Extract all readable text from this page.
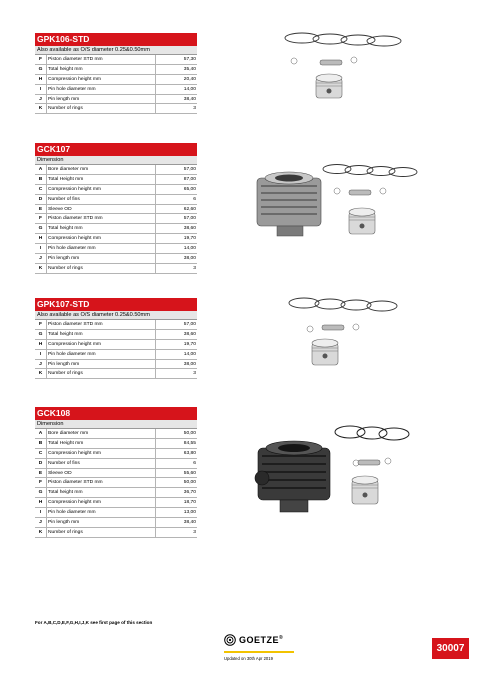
GPK106-STD
Also available as O/S diameter 0.25&0.50mm
F	Piston diameter STD mm	57,30
G	Total height mm	35,40
H	Compression height mm	20,40
I	Pin hole diameter mm	14,00
J	Pin length mm	38,40
K	Number of rings	3
GCK107
Dimension
A	Bore diameter mm	57,00
B	Total Height mm	87,00
C	Compression height mm	65,00
D	Number of fins	6
E	Sleeve OD	62,60
F	Piston diameter STD mm	57,00
G	Total height mm	38,60
H	Compression height mm	19,70
I	Pin hole diameter mm	14,00
J	Pin length mm	38,00
K	Number of rings	3
GPK107-STD
Also available as O/S diameter 0.25&0.50mm
F	Piston diameter STD mm	57,00
G	Total height mm	38,60
H	Compression height mm	19,70
I	Pin hole diameter mm	14,00
J	Pin length mm	38,00
K	Number of rings	3
GCK108
Dimension
A	Bore diameter mm	50,00
B	Total Height mm	84,55
C	Compression height mm	63,80
D	Number of fins	6
E	Sleeve OD	55,60
F	Piston diameter STD mm	50,00
G	Total height mm	36,70
H	Compression height mm	18,70
I	Pin hole diameter mm	13,00
J	Pin length mm	38,40
K	Number of rings	3
For A,B,C,D,E,F,G,H,I,J,K see first page of this section
GOETZE®
Updated on 30th Apr 2019
30007
